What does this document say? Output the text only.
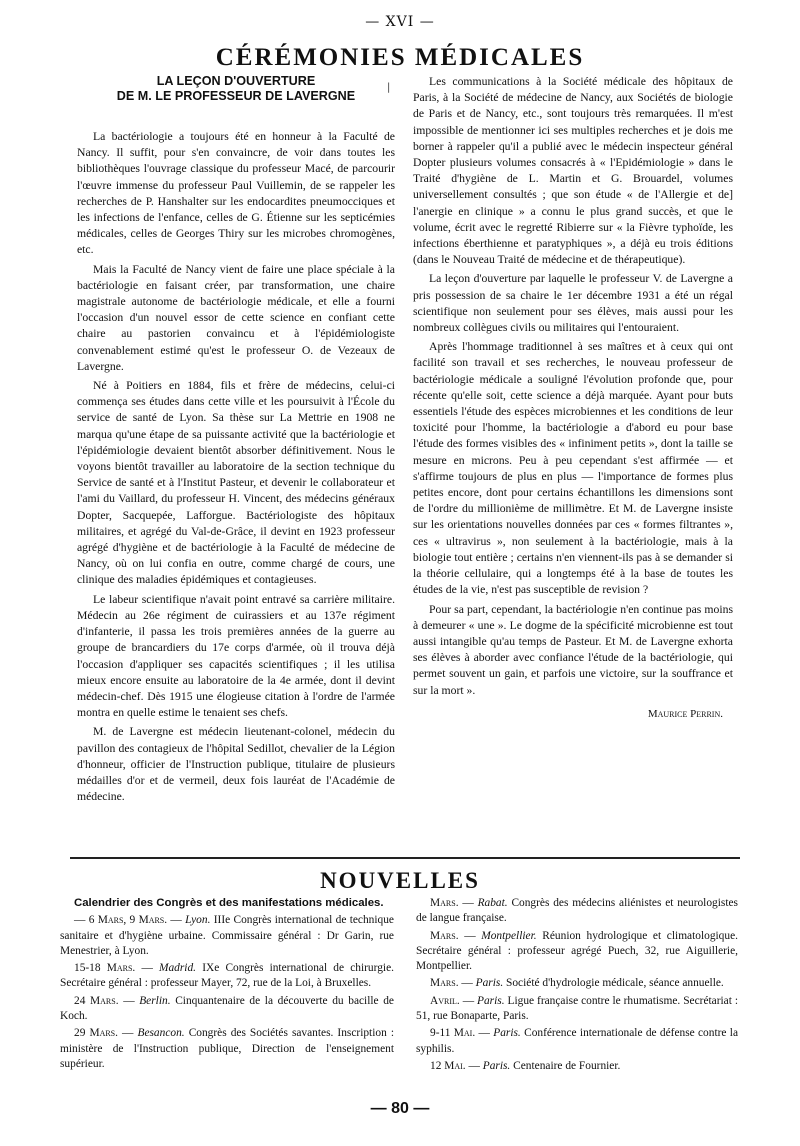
— XVI —
CÉRÉMONIES MÉDICALES
|
LA LEÇON D'OUVERTURE
DE M. LE PROFESSEUR DE LAVERGNE

La bactériologie a toujours été en honneur à la Faculté de Nancy. Il suffit, pour s'en convaincre, de voir dans toutes les bibliothèques l'ouvrage classique du professeur Macé, de parcourir l'œuvre immense du professeur Paul Vuillemin, de se rappeler les recherches de P. Hanshalter sur les endocardites pneumocciques et les infections de l'enfance, celles de G. Étienne sur les septicémies médicales, celles de Georges Thiry sur les microbes chromogènes, etc.

Mais la Faculté de Nancy vient de faire une place spéciale à la bactériologie en faisant créer, par transformation, une chaire magistrale autonome de bactériologie médicale, et elle a fourni l'occasion d'un nouvel essor de cette science en confiant cette chaire au pastorien convaincu et à l'épidémiologiste convenablement estimé qu'est le professeur O. de Vezeaux de Lavergne.

Né à Poitiers en 1884, fils et frère de médecins, celui-ci commença ses études dans cette ville et les poursuivit à l'École du service de santé de Lyon. Sa thèse sur La Mettrie en 1908 ne marqua qu'une étape de sa puissante activité que la bactériologie et l'épidémiologie devaient bientôt absorber définitivement. Nous le voyons bientôt travailler au laboratoire de la section technique du Service de santé et à l'Institut Pasteur, et devenir le collaborateur et l'ami du Vaillard, du professeur H. Vincent, des médecins généraux Dopter, Sacquepée, Lafforgue. Bactériologiste des hôpitaux militaires, et agrégé du Val-de-Grâce, il devint en 1923 professeur agrégé d'hygiène et de bactériologie à la Faculté de médecine de Nancy, où on lui confia en outre, comme chargé de cours, une clinique des maladies épidémiques et contagieuses.

Le labeur scientifique n'avait point entravé sa carrière militaire. Médecin au 26e régiment de cuirassiers et au 137e régiment d'infanterie, il passa les trois premières années de la guerre au groupe de brancardiers du 17e corps d'armée, où il trouva déjà l'occasion d'appliquer ses capacités scientifiques ; il les utilisa mieux encore ensuite au laboratoire de la 4e armée, dont il devint médecin-chef. Dès 1915 une élogieuse citation à l'ordre de l'armée montra en quelle estime le tenaient ses chefs.

M. de Lavergne est médecin lieutenant-colonel, médecin du pavillon des contagieux de l'hôpital Sedillot, chevalier de la Légion d'honneur, officier de l'Instruction publique, titulaire de plusieurs médailles d'or et de vermeil, deux fois lauréat de l'Académie de médecine.

Les communications à la Société médicale des hôpitaux de Paris, à la Société de médecine de Nancy, aux Sociétés de biologie de Paris et de Nancy, etc., sont toujours très remarquées. Il m'est impossible de mentionner ici ses multiples recherches et je dois me borner à rappeler qu'il a publié avec le médecin inspecteur général Dopter plusieurs volumes consacrés à « l'Epidémiologie » dans le Traité d'hygiène de L. Martin et G. Brouardel, volumes universellement consultés ; que son étude « de l'Allergie et de] l'anergie en clinique » a connu le plus grand succès, et que le volume, écrit avec le regretté Ribierre sur « la Fièvre typhoïde, les infections éberthienne et paratyphiques », a déjà eu trois éditions (dans le Nouveau Traité de médecine et de thérapeutique).

La leçon d'ouverture par laquelle le professeur V. de Lavergne a pris possession de sa chaire le 1er décembre 1931 a été un régal scientifique non seulement pour ses élèves, mais aussi pour les nombreux collègues civils ou militaires qui l'entouraient.

Après l'hommage traditionnel à ses maîtres et à ceux qui ont facilité son travail et ses recherches, le nouveau professeur de bactériologie médicale a souligné l'évolution profonde que, pour récente qu'elle soit, cette science a déjà marquée. Ayant pour buts essentiels l'étude des espèces microbiennes et les conditions de leur toxicité pour l'homme, la bactériologie a d'abord eu pour base l'étude des formes visibles des « infiniment petits », dont la taille se mesure en microns. Peu à peu cependant s'est affirmée — et s'affirme toujours de plus en plus — l'importance de formes plus petites encore, dont pour certains échantillons les dimensions sont de l'ordre du millionième de millimètre. Et M. de Lavergne insiste sur les orientations nouvelles données par ces « formes filtrantes », ces « ultravirus », non seulement à la bactériologie, mais à la biologie tout entière ; certains n'en viennent-ils pas à se demander si la théorie cellulaire, qui a longtemps été à la base de toutes les études de la vie, n'est pas susceptible de revision ?

Pour sa part, cependant, la bactériologie n'en continue pas moins à demeurer « une ». Le dogme de la spécificité microbienne est tout aussi intangible qu'au temps de Pasteur. Et M. de Lavergne exhorta ses élèves à aborder avec confiance l'étude de la bactériologie, qui permet souvent un gain, et parfois une victoire, sur la souffrance et sur la mort ».

Maurice Perrin.
NOUVELLES

Calendrier des Congrès et des manifestations médicales.

— 6 Mars, 9 Mars. — Lyon. IIIe Congrès international de technique sanitaire et d'hygiène urbaine. Commissaire général : Dr Garin, rue Menestrier, à Lyon.

15-18 Mars. — Madrid. IXe Congrès international de chirurgie. Secrétaire général : professeur Mayer, 72, rue de la Loi, à Bruxelles.

24 Mars. — Berlin. Cinquantenaire de la découverte du bacille de Koch.

29 Mars. — Besancon. Congrès des Sociétés savantes. Inscription : ministère de l'Instruction publique, Direction de l'enseignement supérieur.

Mars. — Rabat. Congrès des médecins aliénistes et neurologistes de langue française.

Mars. — Montpellier. Réunion hydrologique et climatologique. Secrétaire général : professeur agrégé Puech, 32, rue Aiguillerie, Montpellier.

Mars. — Paris. Société d'hydrologie médicale, séance annuelle.

Avril. — Paris. Ligue française contre le rhumatisme. Secrétariat : 51, rue Bonaparte, Paris.

9-11 Mai. — Paris. Conférence internationale de défense contre la syphilis.

12 Mai. — Paris. Centenaire de Fournier.

— 80 —
